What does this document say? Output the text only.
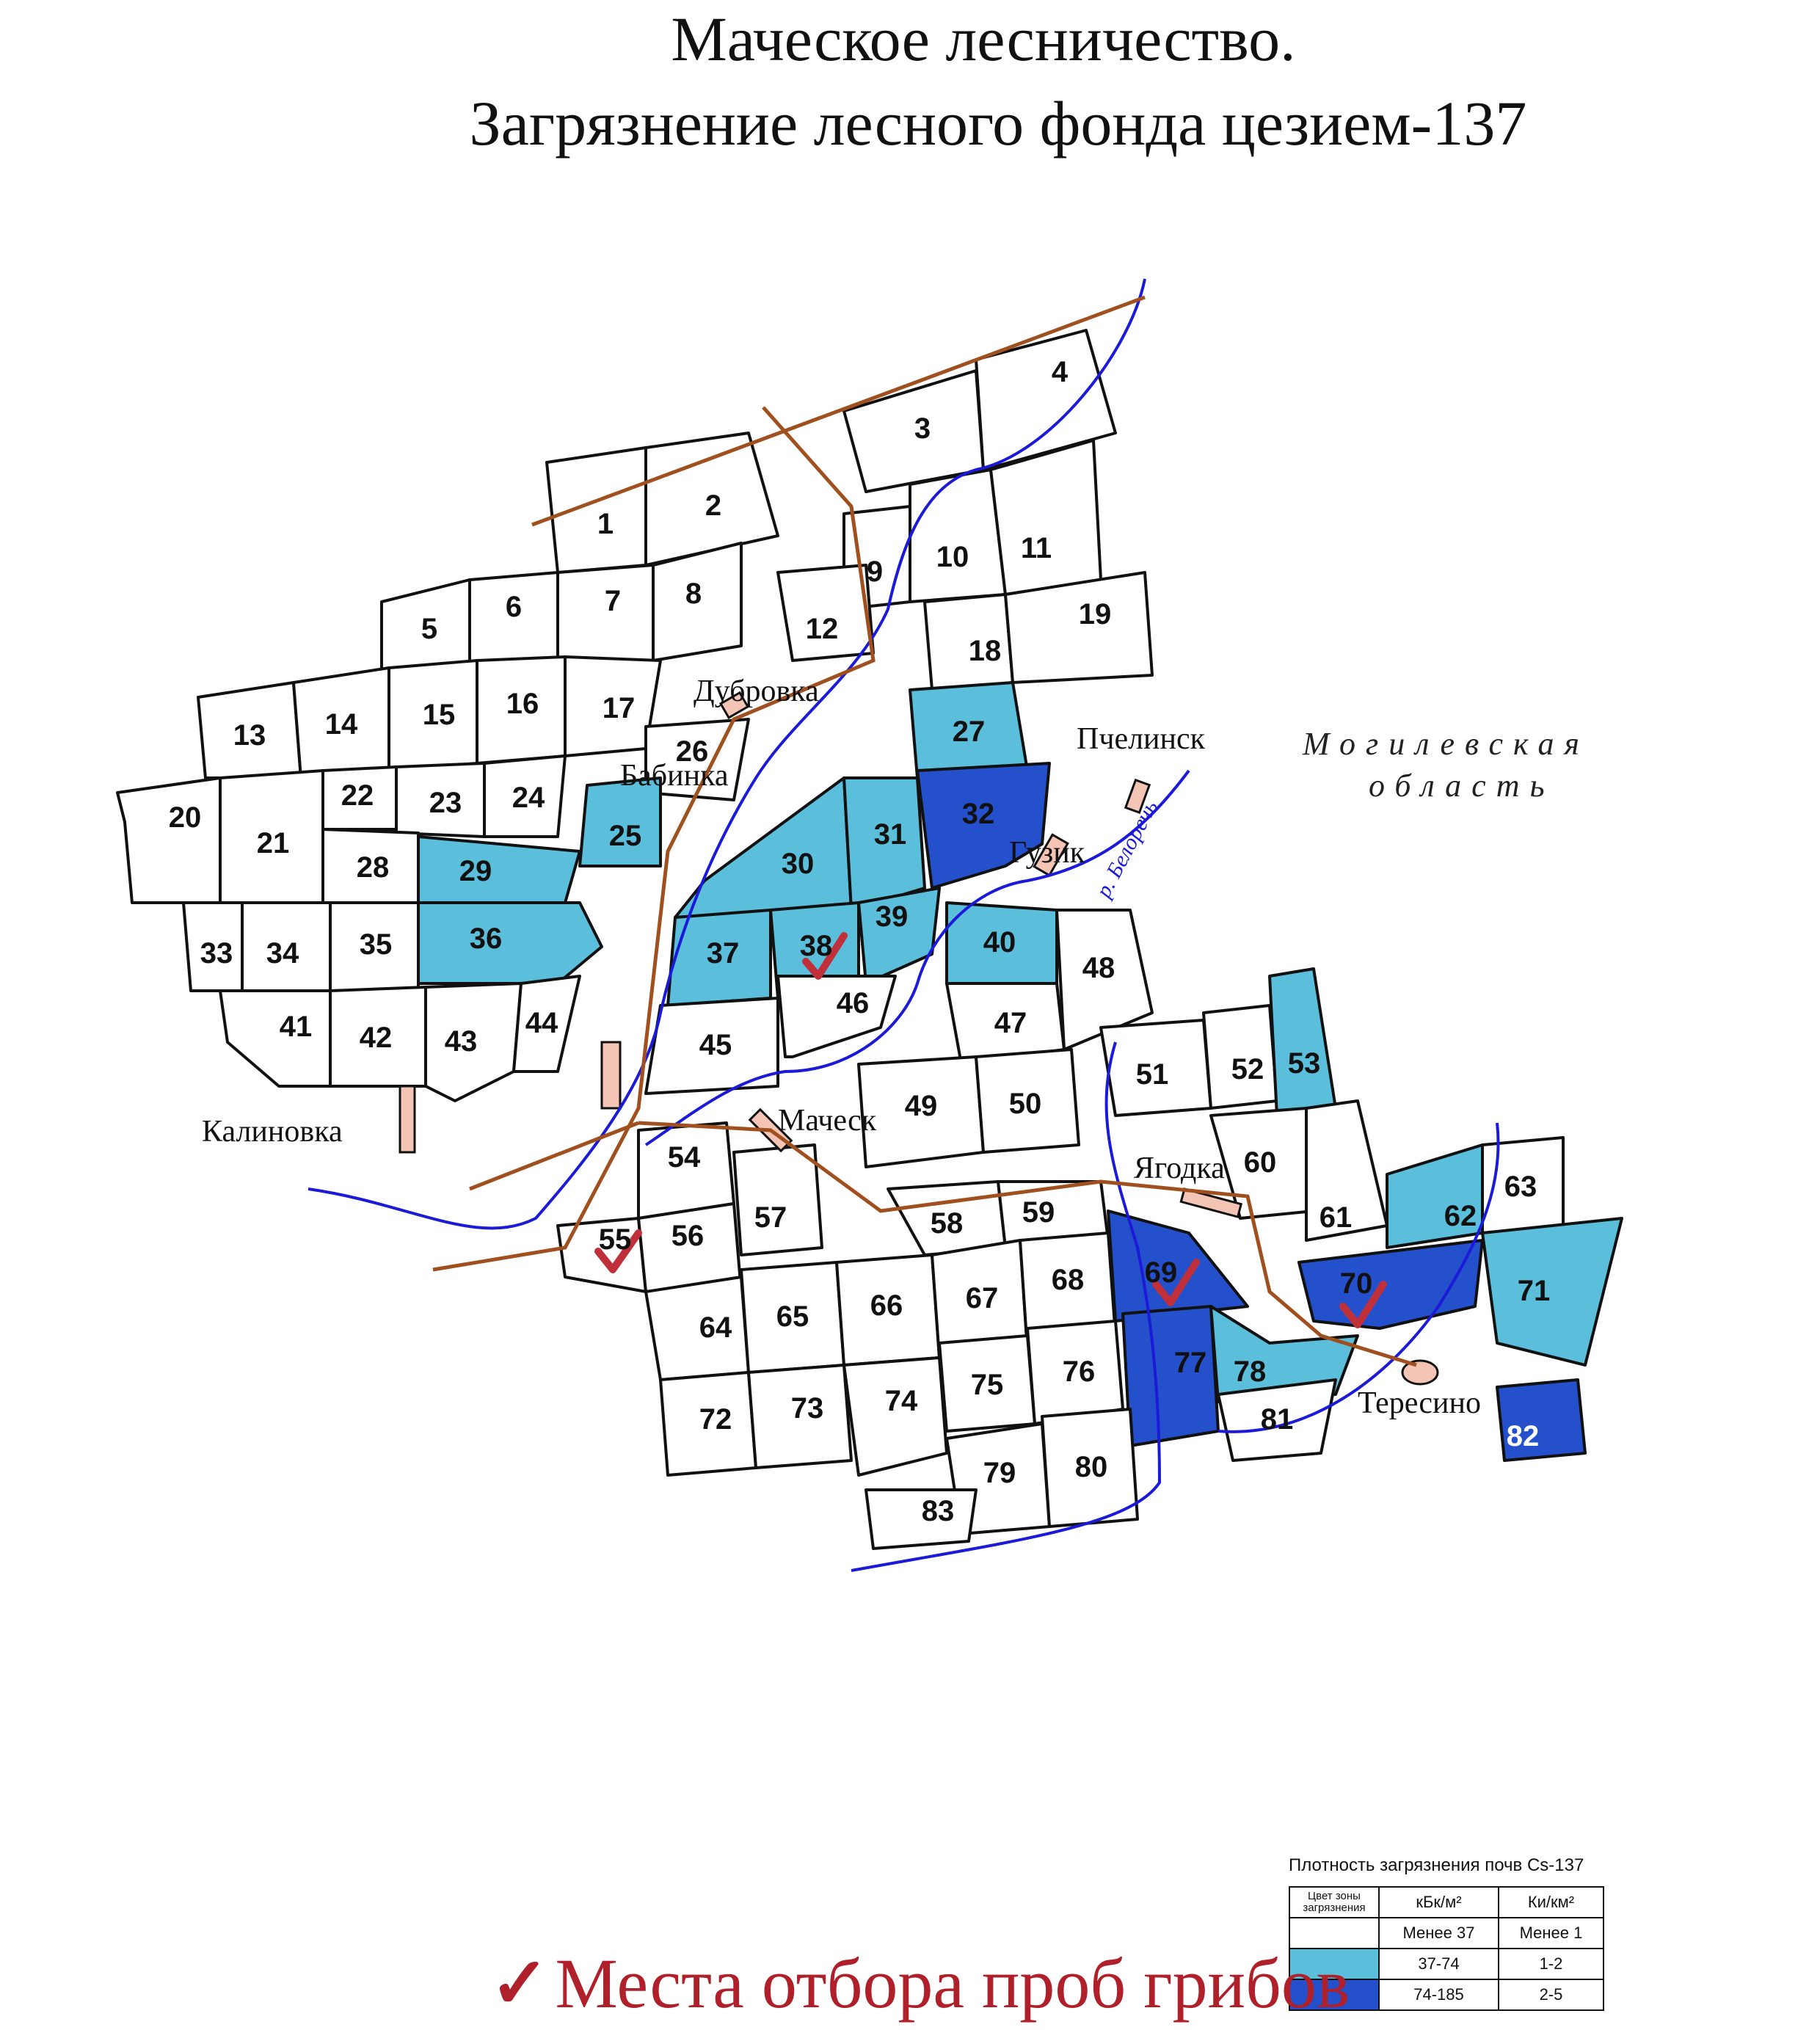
Маческое лесничество.
Загрязнение лесного фонда цезием-137
1
2
3
4
5
6	7 8
9 10 11
12
13 14 15 16 17
18
19
20
21
22 23 24
25
26
27
28 29	30
31
32
33 34 35	36	37 38
39
40
41 42 43
44
45
46
47
48
49 50
51 52 53
54
55 56
57	58 59
60
61	62
63
64 65 66 67
68 69	70	71
72 73 74 75 76	77 78
79 80
81
82
83
Дубровка
Бабинка
Пчелинск
Гузик
Калиновка	Маческ
Ягодка
Тересино
Могилевская
область
р. Белоречь
Плотность загрязнения почв Cs-137
Цвет зоны загрязнения	кБк/м²	Ки/км²
	Менее 37	Менее 1
	37-74	1-2
	74-185	2-5
✓Места отбора проб грибов
